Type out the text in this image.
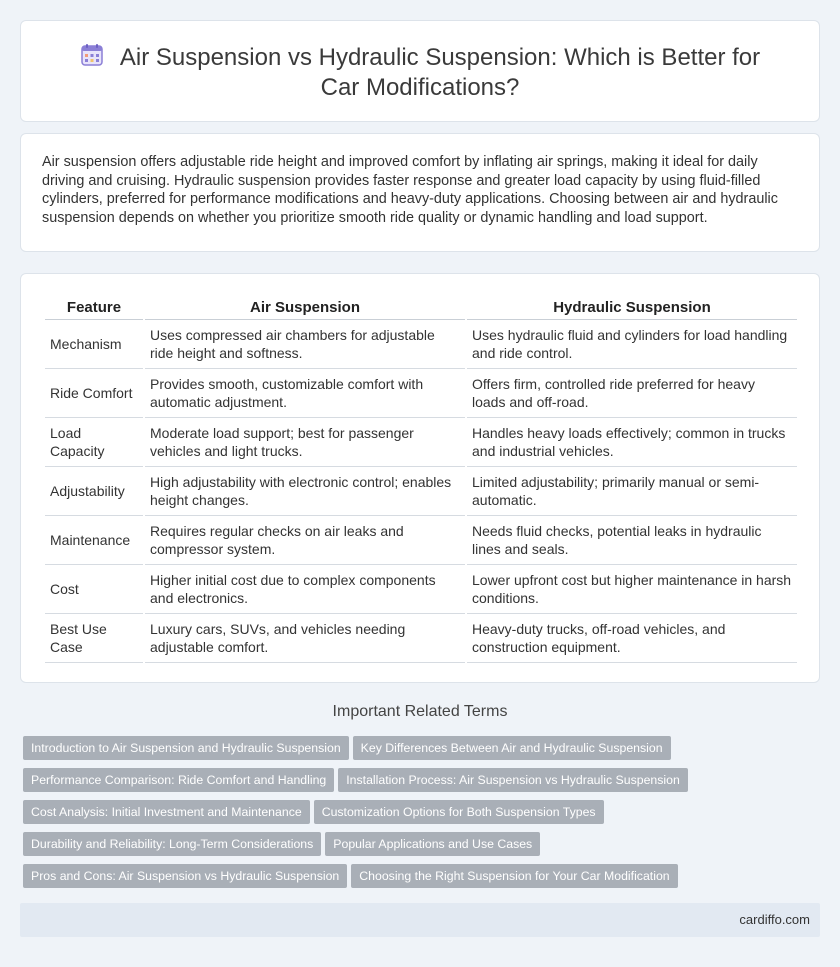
Air Suspension vs Hydraulic Suspension: Which is Better for Car Modifications?

Air suspension offers adjustable ride height and improved comfort by inflating air springs, making it ideal for daily driving and cruising. Hydraulic suspension provides faster response and greater load capacity by using fluid-filled cylinders, preferred for performance modifications and heavy-duty applications. Choosing between air and hydraulic suspension depends on whether you prioritize smooth ride quality or dynamic handling and load support.

Feature	Air Suspension	Hydraulic Suspension
Mechanism	Uses compressed air chambers for adjustable ride height and softness.	Uses hydraulic fluid and cylinders for load handling and ride control.
Ride Comfort	Provides smooth, customizable comfort with automatic adjustment.	Offers firm, controlled ride preferred for heavy loads and off-road.
Load Capacity	Moderate load support; best for passenger vehicles and light trucks.	Handles heavy loads effectively; common in trucks and industrial vehicles.
Adjustability	High adjustability with electronic control; enables height changes.	Limited adjustability; primarily manual or semi-automatic.
Maintenance	Requires regular checks on air leaks and compressor system.	Needs fluid checks, potential leaks in hydraulic lines and seals.
Cost	Higher initial cost due to complex components and electronics.	Lower upfront cost but higher maintenance in harsh conditions.
Best Use Case	Luxury cars, SUVs, and vehicles needing adjustable comfort.	Heavy-duty trucks, off-road vehicles, and construction equipment.
Important Related Terms
Introduction to Air Suspension and Hydraulic Suspension Key Differences Between Air and Hydraulic Suspension
Performance Comparison: Ride Comfort and Handling Installation Process: Air Suspension vs Hydraulic Suspension
Cost Analysis: Initial Investment and Maintenance Customization Options for Both Suspension Types
Durability and Reliability: Long-Term Considerations Popular Applications and Use Cases
Pros and Cons: Air Suspension vs Hydraulic Suspension Choosing the Right Suspension for Your Car Modification
cardiffo.com
